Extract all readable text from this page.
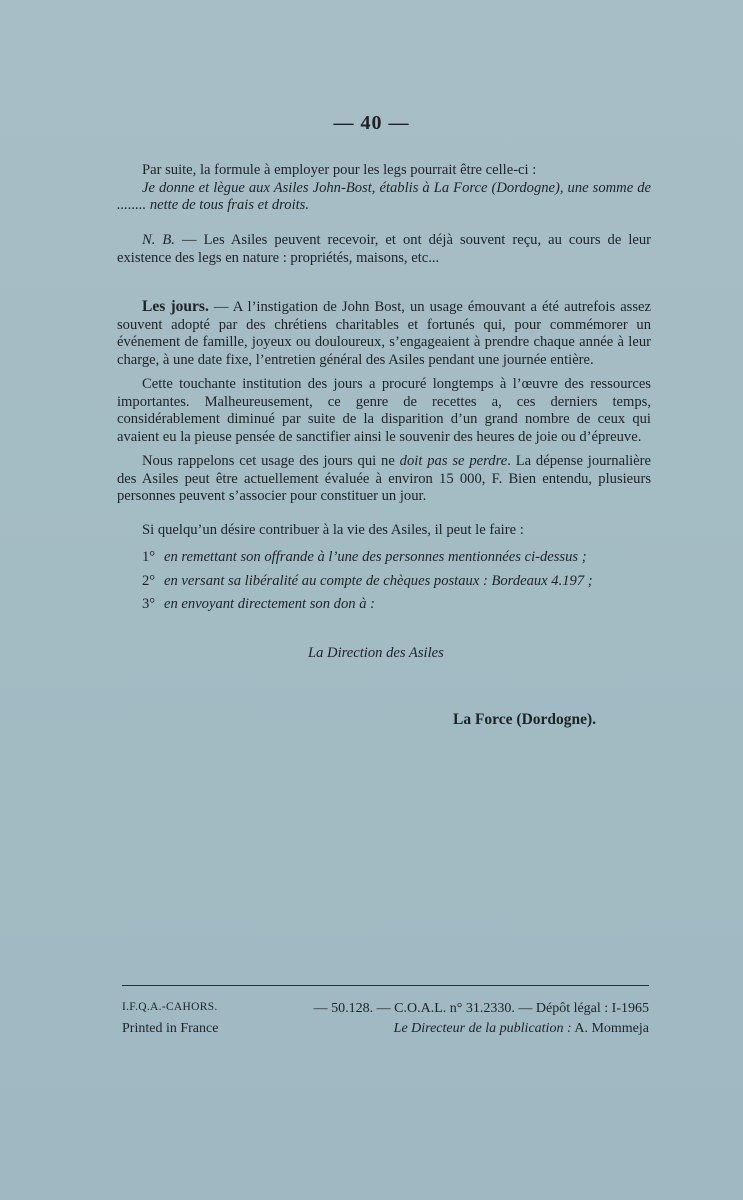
— 40 —

Par suite, la formule à employer pour les legs pourrait être celle-ci :

Je donne et lègue aux Asiles John-Bost, établis à La Force (Dordogne), une somme de ........ nette de tous frais et droits.

N. B. — Les Asiles peuvent recevoir, et ont déjà souvent reçu, au cours de leur existence des legs en nature : propriétés, maisons, etc...

Les jours. — A l’instigation de John Bost, un usage émouvant a été autrefois assez souvent adopté par des chrétiens charitables et fortunés qui, pour commémorer un événement de famille, joyeux ou douloureux, s’engageaient à prendre chaque année à leur charge, à une date fixe, l’entretien général des Asiles pendant une journée entière.

Cette touchante institution des jours a procuré longtemps à l’œuvre des ressources importantes. Malheureusement, ce genre de recettes a, ces derniers temps, considérablement diminué par suite de la disparition d’un grand nombre de ceux qui avaient eu la pieuse pensée de sanctifier ainsi le souvenir des heures de joie ou d’épreuve.

Nous rappelons cet usage des jours qui ne doit pas se perdre. La dépense journalière des Asiles peut être actuellement évaluée à environ 15 000, F. Bien entendu, plusieurs personnes peuvent s’associer pour constituer un jour.

Si quelqu’un désire contribuer à la vie des Asiles, il peut le faire :

1° en remettant son offrande à l’une des personnes mentionnées ci-dessus ;
2° en versant sa libéralité au compte de chèques postaux : Bordeaux 4.197 ;
3° en envoyant directement son don à :
La Direction des Asiles
La Force (Dordogne).
I.F.Q.A.-CAHORS.	— 50.128. — C.O.A.L. n° 31.2330. — Dépôt légal : I-1965
Printed in France	Le Directeur de la publication : A. Mommeja
